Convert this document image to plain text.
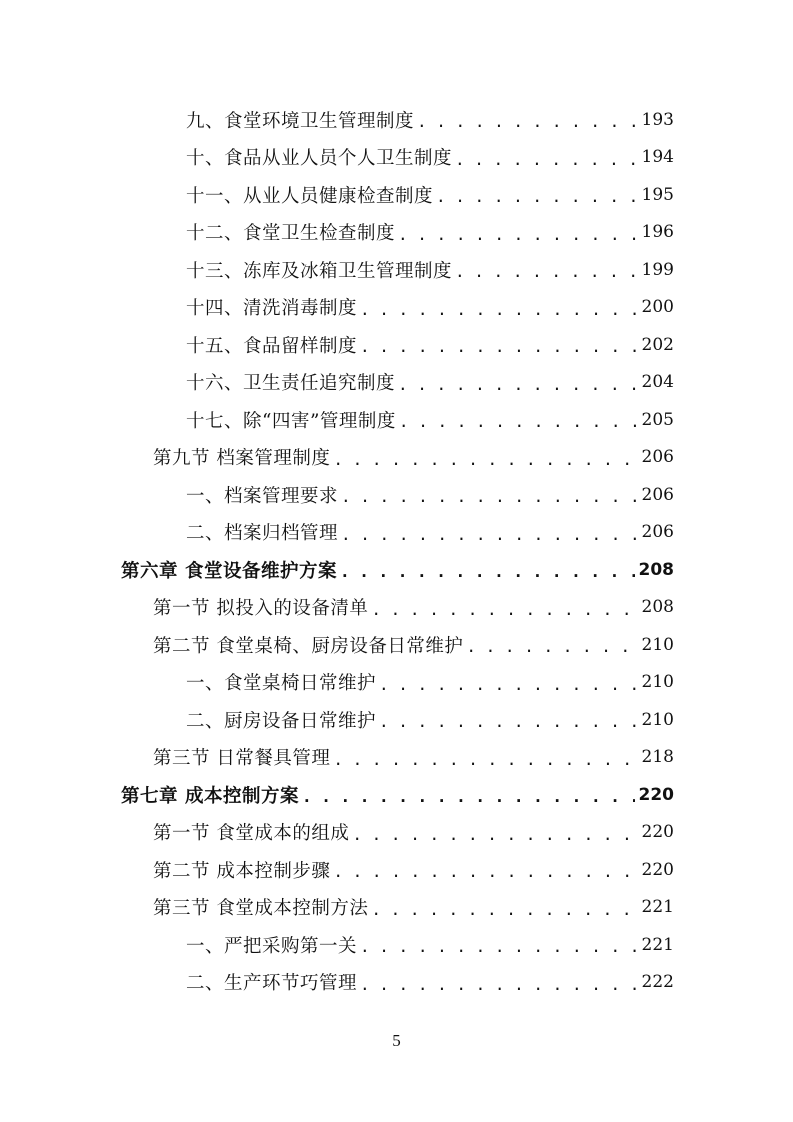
九、食堂环境卫生管理制度 . . .	193
十、食品从业人员个人卫生制度 . . .	194
十一、从业人员健康检查制度 . . .	195
十二、食堂卫生检查制度 . . .	196
十三、冻库及冰箱卫生管理制度 . . .	199
十四、清洗消毒制度 . . .	200
十五、食品留样制度 . . .	202
十六、卫生责任追究制度 . . .	204
十七、除“四害”管理制度 . . .	205
第九节 档案管理制度 . . .	206
一、档案管理要求 . . .	206
二、档案归档管理 . . .	206
第六章 食堂设备维护方案 . . .	208
第一节 拟投入的设备清单 . . .	208
第二节 食堂桌椅、厨房设备日常维护 . . .	210
一、食堂桌椅日常维护 . . .	210
二、厨房设备日常维护 . . .	210
第三节 日常餐具管理 . . .	218
第七章 成本控制方案 . . .	220
第一节 食堂成本的组成 . . .	220
第二节 成本控制步骤 . . .	220
第三节 食堂成本控制方法 . . .	221
一、严把采购第一关 . . .	221
二、生产环节巧管理 . . .	222
5
